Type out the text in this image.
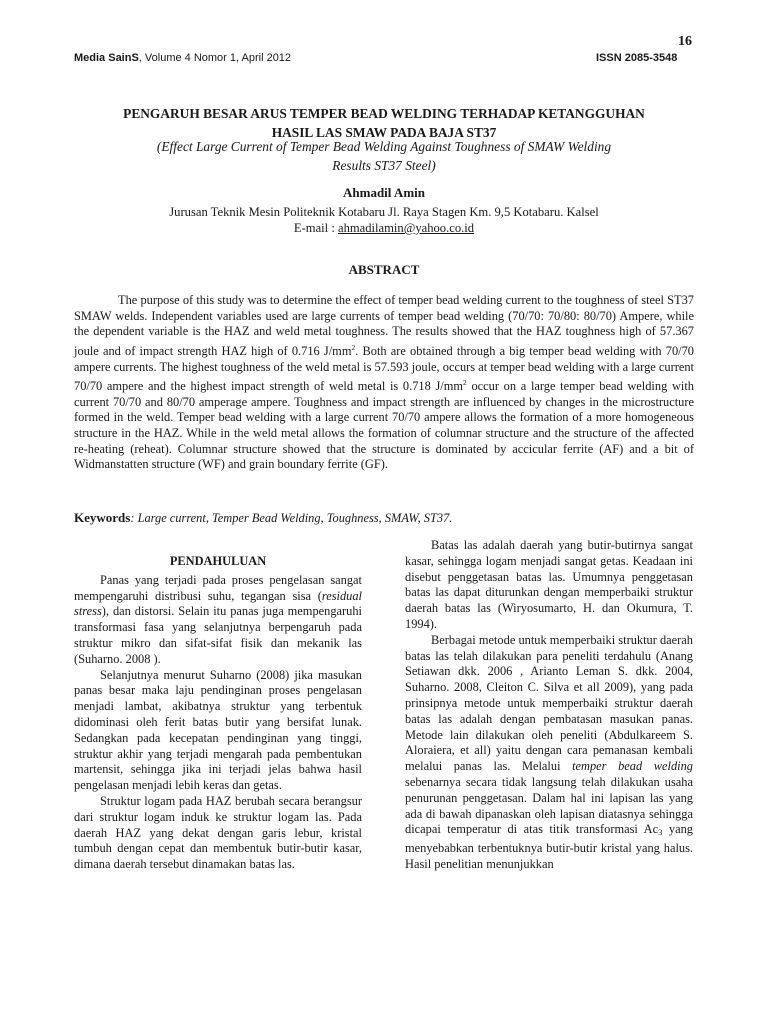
16
Media SainS, Volume 4 Nomor 1, April 2012	ISSN 2085-3548
PENGARUH BESAR ARUS TEMPER BEAD WELDING TERHADAP KETANGGUHAN
HASIL LAS SMAW PADA BAJA ST37
(Effect Large Current of Temper Bead Welding Against Toughness of SMAW Welding
Results ST37 Steel)
Ahmadil Amin
Jurusan Teknik Mesin Politeknik Kotabaru Jl. Raya Stagen Km. 9,5 Kotabaru. Kalsel
E-mail : ahmadilamin@yahoo.co.id
ABSTRACT

The purpose of this study was to determine the effect of temper bead welding current to the toughness of steel ST37 SMAW welds. Independent variables used are large currents of temper bead welding (70/70: 70/80: 80/70) Ampere, while the dependent variable is the HAZ and weld metal toughness. The results showed that the HAZ toughness high of 57.367 joule and of impact strength HAZ high of 0.716 $J/mm^2$. Both are obtained through a big temper bead welding with 70/70 ampere currents. The highest toughness of the weld metal is 57.593 joule, occurs at temper bead welding with a large current 70/70 ampere and the highest impact strength of weld metal is 0.718 $J/mm^2$ occur on a large temper bead welding with current 70/70 and 80/70 amperage ampere. Toughness and impact strength are influenced by changes in the microstructure formed in the weld. Temper bead welding with a large current 70/70 ampere allows the formation of a more homogeneous structure in the HAZ. While in the weld metal allows the formation of columnar structure and the structure of the affected re-heating (reheat). Columnar structure showed that the structure is dominated by accicular ferrite (AF) and a bit of Widmanstatten structure (WF) and grain boundary ferrite (GF).

Keywords: Large current, Temper Bead Welding, Toughness, SMAW, ST37.
PENDAHULUAN

Panas yang terjadi pada proses pengelasan sangat mempengaruhi distribusi suhu, tegangan sisa (residual stress), dan distorsi. Selain itu panas juga mempengaruhi transformasi fasa yang selanjutnya berpengaruh pada struktur mikro dan sifat-sifat fisik dan mekanik las (Suharno. 2008 ).

Selanjutnya menurut Suharno (2008) jika masukan panas besar maka laju pendinginan proses pengelasan menjadi lambat, akibatnya struktur yang terbentuk didominasi oleh ferit batas butir yang bersifat lunak. Sedangkan pada kecepatan pendinginan yang tinggi, struktur akhir yang terjadi mengarah pada pembentukan martensit, sehingga jika ini terjadi jelas bahwa hasil pengelasan menjadi lebih keras dan getas.

Struktur logam pada HAZ berubah secara berangsur dari struktur logam induk ke struktur logam las. Pada daerah HAZ yang dekat dengan garis lebur, kristal tumbuh dengan cepat dan membentuk butir-butir kasar, dimana daerah tersebut dinamakan batas las.

Batas las adalah daerah yang butir-butirnya sangat kasar, sehingga logam menjadi sangat getas. Keadaan ini disebut penggetasan batas las. Umumnya penggetasan batas las dapat diturunkan dengan memperbaiki struktur daerah batas las (Wiryosumarto, H. dan Okumura, T. 1994).

Berbagai metode untuk memperbaiki struktur daerah batas las telah dilakukan para peneliti terdahulu (Anang Setiawan dkk. 2006 , Arianto Leman S. dkk. 2004, Suharno. 2008, Cleiton C. Silva et all 2009), yang pada prinsipnya metode untuk memperbaiki struktur daerah batas las adalah dengan pembatasan masukan panas. Metode lain dilakukan oleh peneliti (Abdulkareem S. Aloraiera, et all) yaitu dengan cara pemanasan kembali melalui panas las. Melalui temper bead welding sebenarnya secara tidak langsung telah dilakukan usaha penurunan penggetasan. Dalam hal ini lapisan las yang ada di bawah dipanaskan oleh lapisan diatasnya sehingga dicapai temperatur di atas titik transformasi Ac3 yang menyebabkan terbentuknya butir-butir kristal yang halus. Hasil penelitian menunjukkan
